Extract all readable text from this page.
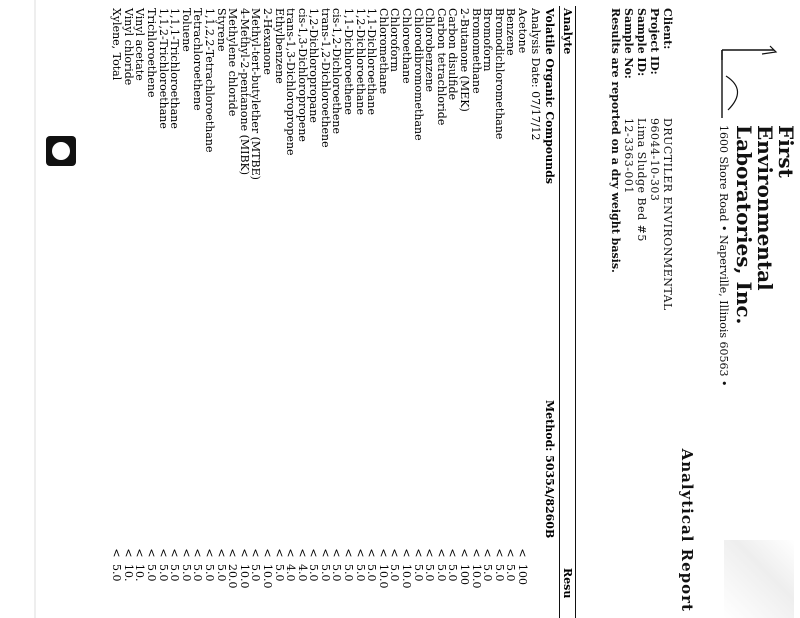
First
Environmental
Laboratories, Inc.
1600 Shore Road • Naperville, Illinois 60563 •
Analytical Report
Client:
DRUCTILER ENVIRONMENTAL
Project ID:
96044-10-303
Sample ID:
Lima Sludge Bed #5
Sample No:
12-3363-001
Results are reported on a dry weight basis.
Analyte
Resu
Volatile Organic Compounds
Method: 5035A/8260B
Analysis Date: 07/17/12
Acetone
<
100
Benzene
<
5.0
Bromodichloromethane
<
5.0
Bromoform
<
5.0
Bromomethane
<
10.0
2-Butanone (MEK)
<
100
Carbon disulfide
<
5.0
Carbon tetrachloride
<
5.0
Chlorobenzene
<
5.0
Chlorodibromomethane
<
5.0
Chloroethane
<
10.0
Chloroform
<
5.0
Chloromethane
<
10.0
1,1-Dichloroethane
<
5.0
1,2-Dichloroethane
<
5.0
1,1-Dichloroethene
<
5.0
cis-1,2-Dichloroethene
<
5.0
trans-1,2-Dichloroethene
<
5.0
1,2-Dichloropropane
<
5.0
cis-1,3-Dichloropropene
<
4.0
trans-1,3-Dichloropropene
<
4.0
Ethylbenzene
<
5.0
2-Hexanone
<
10.0
Methyl-tert-butylether (MTBE)
<
5.0
4-Methyl-2-pentanone (MIBK)
<
10.0
Methylene chloride
<
20.0
Styrene
<
5.0
1,1,2,2-Tetrachloroethane
<
5.0
Tetrachloroethene
<
5.0
Toluene
<
5.0
1,1,1-Trichloroethane
<
5.0
1,1,2-Trichloroethane
<
5.0
Trichloroethene
<
5.0
Vinyl acetate
<
10.
Vinyl chloride
<
10.
Xylene, Total
<
5.0
